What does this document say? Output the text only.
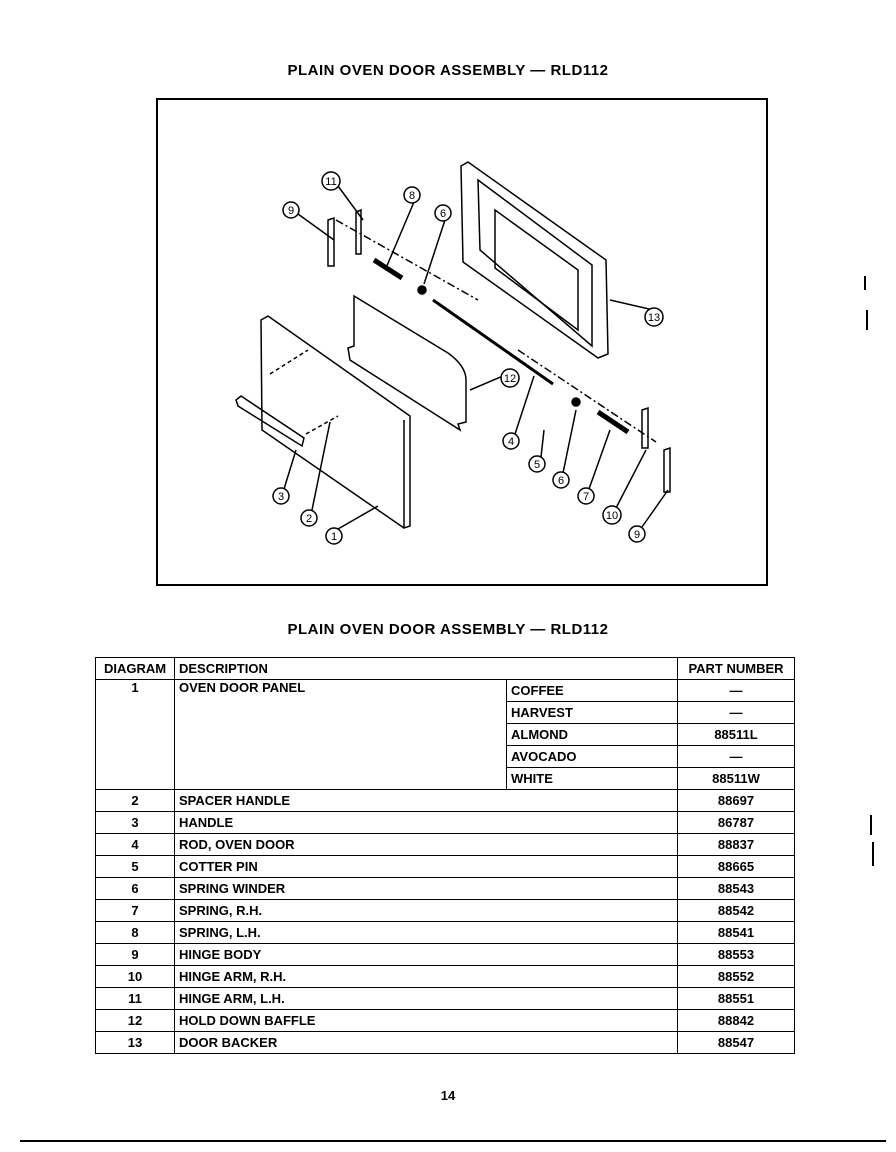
PLAIN OVEN DOOR ASSEMBLY — RLD112
1
2
3
4
5
6
7
8
9
10
9
11
6
12
13
PLAIN OVEN DOOR ASSEMBLY — RLD112
DIAGRAM	DESCRIPTION		PART NUMBER
1	OVEN DOOR PANEL	COFFEE	—
		HARVEST	—
		ALMOND	88511L
		AVOCADO	—
		WHITE	88511W
2	SPACER HANDLE		88697
3	HANDLE		86787
4	ROD, OVEN DOOR		88837
5	COTTER PIN		88665
6	SPRING WINDER		88543
7	SPRING, R.H.		88542
8	SPRING, L.H.		88541
9	HINGE BODY		88553
10	HINGE ARM, R.H.		88552
11	HINGE ARM, L.H.		88551
12	HOLD DOWN BAFFLE		88842
13	DOOR BACKER		88547
14
